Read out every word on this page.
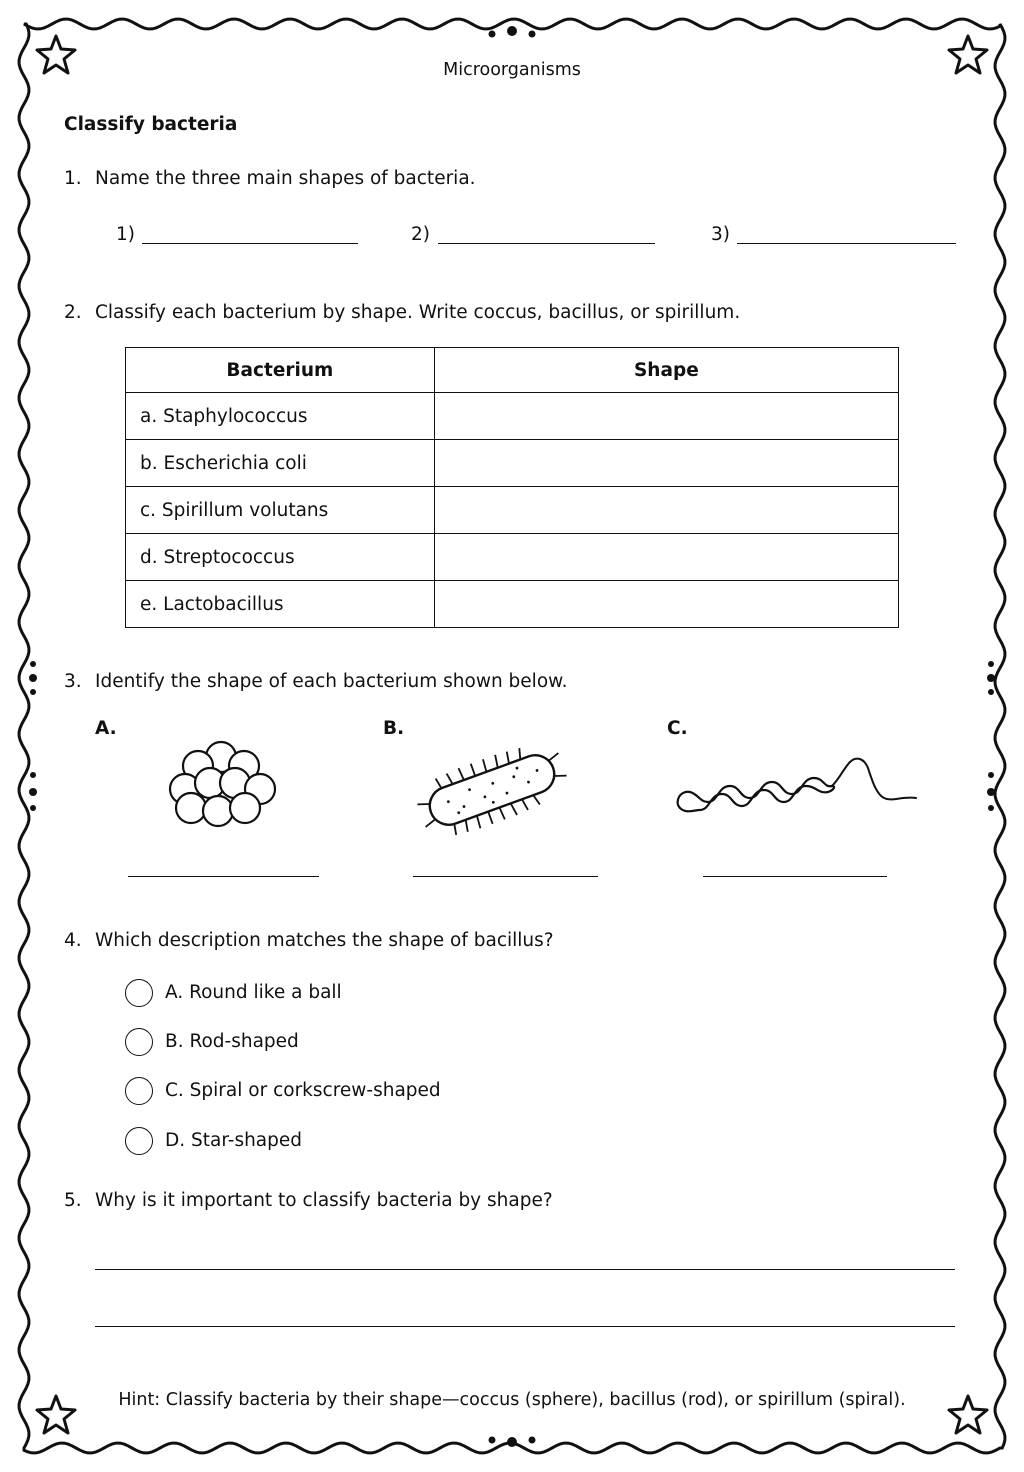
Microorganisms
Classify bacteria
1. Name the three main shapes of bacteria.
1)	2)	3)
2. Classify each bacterium by shape. Write coccus, bacillus, or spirillum.
Bacterium	Shape
a. Staphylococcus	
b. Escherichia coli	
c. Spirillum volutans	
d. Streptococcus	
e. Lactobacillus	
3. Identify the shape of each bacterium shown below.
A.	B.	C.
4. Which description matches the shape of bacillus?
A. Round like a ball
B. Rod-shaped
C. Spiral or corkscrew-shaped
D. Star-shaped
5. Why is it important to classify bacteria by shape?
Hint: Classify bacteria by their shape—coccus (sphere), bacillus (rod), or spirillum (spiral).
